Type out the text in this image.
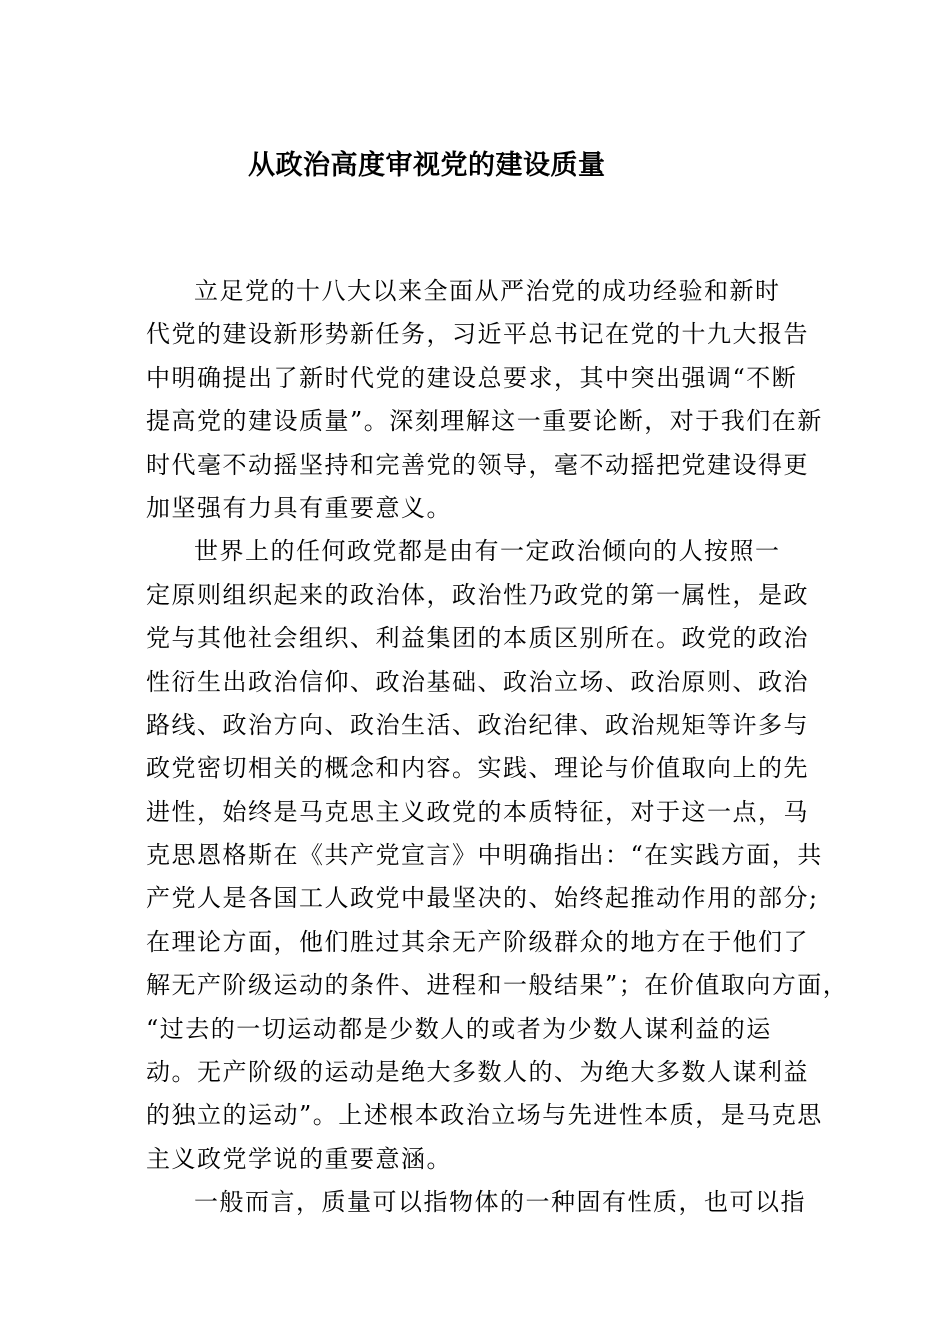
从政治高度审视党的建设质量
立足党的十八大以来全面从严治党的成功经验和新时
代党的建设新形势新任务，习近平总书记在党的十九大报告
中明确提出了新时代党的建设总要求，其中突出强调“不断
提高党的建设质量”。深刻理解这一重要论断，对于我们在新
时代毫不动摇坚持和完善党的领导，毫不动摇把党建设得更
加坚强有力具有重要意义。
世界上的任何政党都是由有一定政治倾向的人按照一
定原则组织起来的政治体，政治性乃政党的第一属性，是政
党与其他社会组织、利益集团的本质区别所在。政党的政治
性衍生出政治信仰、政治基础、政治立场、政治原则、政治
路线、政治方向、政治生活、政治纪律、政治规矩等许多与
政党密切相关的概念和内容。实践、理论与价值取向上的先
进性，始终是马克思主义政党的本质特征，对于这一点，马
克思恩格斯在《共产党宣言》中明确指出：“在实践方面，共
产党人是各国工人政党中最坚决的、始终起推动作用的部分;
在理论方面，他们胜过其余无产阶级群众的地方在于他们了
解无产阶级运动的条件、进程和一般结果”；在价值取向方面，
“过去的一切运动都是少数人的或者为少数人谋利益的运
动。无产阶级的运动是绝大多数人的、为绝大多数人谋利益
的独立的运动”。上述根本政治立场与先进性本质，是马克思
主义政党学说的重要意涵。
一般而言，质量可以指物体的一种固有性质，也可以指
